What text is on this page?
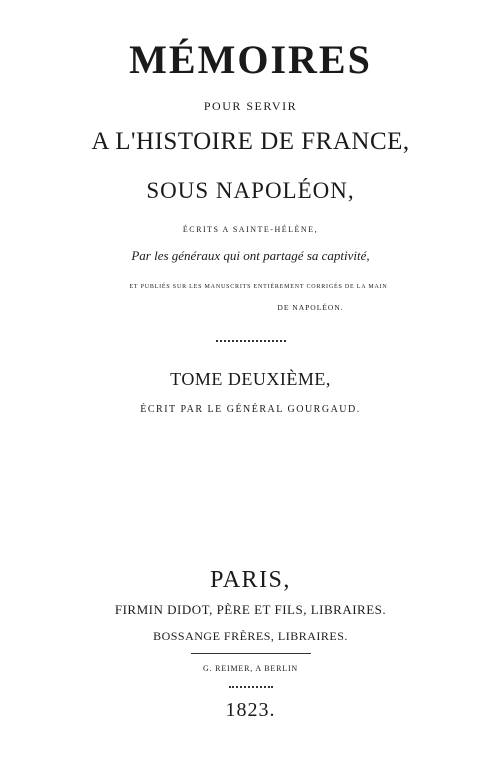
MÉMOIRES
POUR SERVIR
A L'HISTOIRE DE FRANCE,
SOUS NAPOLÉON,
ÉCRITS A SAINTE-HÉLÈNE,
Par les généraux qui ont partagé sa captivité,
ET PUBLIÉS SUR LES MANUSCRITS ENTIÈREMENT CORRIGÉS DE LA MAIN
DE NAPOLÉON.
TOME DEUXIÈME,
ÉCRIT PAR LE GÉNÉRAL GOURGAUD.
PARIS,
FIRMIN DIDOT, PÈRE ET FILS, LIBRAIRES.
BOSSANGE FRÈRES, LIBRAIRES.
G. REIMER, A BERLIN
1823.
